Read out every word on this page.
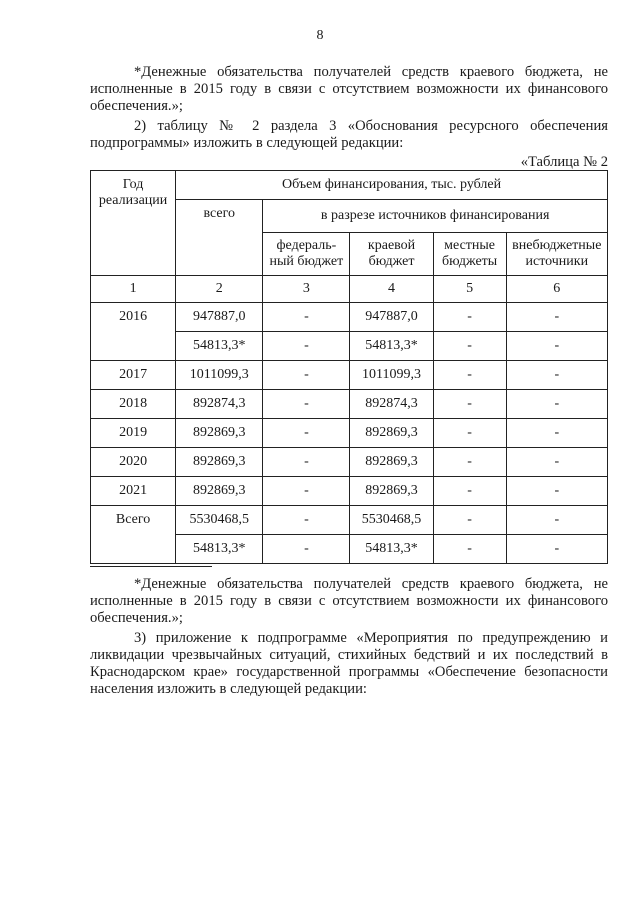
8

*Денежные обязательства получателей средств краевого бюджета, не исполненные в 2015 году в связи с отсутствием возможности их финансового обеспечения.»;

2) таблицу № 2 раздела 3 «Обоснования ресурсного обеспечения подпрограммы» изложить в следующей редакции:

«Таблица № 2
Год реализации	Объем финансирования, тыс. рублей				
	всего	в разрезе источников финансирования			
		федераль-ный бюджет	краевой бюджет	местные бюджеты	внебюджетные источники
1	2	3	4	5	6
2016	947887,0	-	947887,0	-	-
	54813,3*	-	54813,3*	-	-
2017	1011099,3	-	1011099,3	-	-
2018	892874,3	-	892874,3	-	-
2019	892869,3	-	892869,3	-	-
2020	892869,3	-	892869,3	-	-
2021	892869,3	-	892869,3	-	-
Всего	5530468,5	-	5530468,5	-	-
	54813,3*	-	54813,3*	-	-

*Денежные обязательства получателей средств краевого бюджета, не исполненные в 2015 году в связи с отсутствием возможности их финансового обеспечения.»;

3) приложение к подпрограмме «Мероприятия по предупреждению и ликвидации чрезвычайных ситуаций, стихийных бедствий и их последствий в Краснодарском крае» государственной программы «Обеспечение безопасности населения изложить в следующей редакции:
